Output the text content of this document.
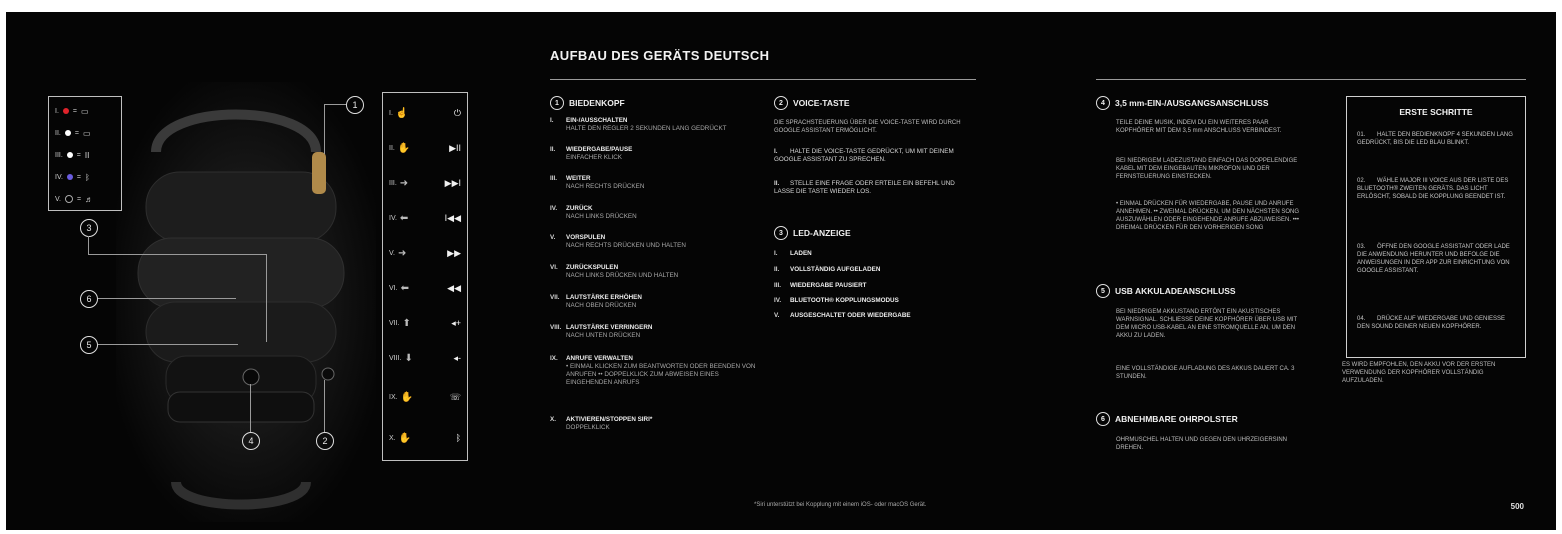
I. = ▭
II. = ▭
III. = II
IV. = ᛒ
V. = ♬
I. ☝	⏻
II. ✋	▶II
III. ➜	▶▶I
IV. ⬅	I◀◀
V. ➜	▶▶
VI. ⬅	◀◀
VII. ⬆	◂+
VIII. ⬇	◂-
IX. ✋	☏
X. ✋	ᛒ
1
3
6
5
4	2
AUFBAU DES GERÄTS DEUTSCH
1	BIEDENKOPF
I. EIN-/AUSSCHALTEN
HALTE DEN REGLER 2 SEKUNDEN LANG GEDRÜCKT
II. WIEDERGABE/PAUSE
EINFACHER KLICK
III. WEITER
NACH RECHTS DRÜCKEN
IV. ZURÜCK
NACH LINKS DRÜCKEN
V. VORSPULEN
NACH RECHTS DRÜCKEN UND HALTEN
VI. ZURÜCKSPULEN
NACH LINKS DRÜCKEN UND HALTEN
VII. LAUTSTÄRKE ERHÖHEN
NACH OBEN DRÜCKEN
VIII. LAUTSTÄRKE VERRINGERN
NACH UNTEN DRÜCKEN
IX. ANRUFE VERWALTEN
• EINMAL KLICKEN ZUM BEANTWORTEN ODER BEENDEN VON ANRUFEN •• DOPPELKLICK ZUM ABWEISEN EINES EINGEHENDEN ANRUFS
X. AKTIVIEREN/STOPPEN SIRI*
DOPPELKLICK
2	VOICE-TASTE
DIE SPRACHSTEUERUNG ÜBER DIE VOICE-TASTE WIRD DURCH GOOGLE ASSISTANT ERMÖGLICHT.
I. HALTE DIE VOICE-TASTE GEDRÜCKT, UM MIT DEINEM GOOGLE ASSISTANT ZU SPRECHEN.
II. STELLE EINE FRAGE ODER ERTEILE EIN BEFEHL UND LASSE DIE TASTE WIEDER LOS.
3	LED-ANZEIGE
I. LADEN
II. VOLLSTÄNDIG AUFGELADEN
III. WIEDERGABE PAUSIERT
IV. BLUETOOTH® KOPPLUNGSMODUS
V. AUSGESCHALTET ODER WIEDERGABE
4	3,5 mm-EIN-/AUSGANGSANSCHLUSS
TEILE DEINE MUSIK, INDEM DU EIN WEITERES PAAR KOPFHÖRER MIT DEM 3,5 mm ANSCHLUSS VERBINDEST.
BEI NIEDRIGEM LADEZUSTAND EINFACH DAS DOPPELENDIGE KABEL MIT DEM EINGEBAUTEN MIKROFON UND DER FERNSTEUERUNG EINSTECKEN.
• EINMAL DRÜCKEN FÜR WIEDERGABE, PAUSE UND ANRUFE ANNEHMEN. •• ZWEIMAL DRÜCKEN, UM DEN NÄCHSTEN SONG AUSZUWÄHLEN ODER EINGEHENDE ANRUFE ABZUWEISEN. ••• DREIMAL DRÜCKEN FÜR DEN VORHERIGEN SONG
5	USB AKKULADEANSCHLUSS
BEI NIEDRIGEM AKKUSTAND ERTÖNT EIN AKUSTISCHES WARNSIGNAL. SCHLIESSE DEINE KOPFHÖRER ÜBER USB MIT DEM MICRO USB-KABEL AN EINE STROMQUELLE AN, UM DEN AKKU ZU LADEN.
EINE VOLLSTÄNDIGE AUFLADUNG DES AKKUS DAUERT CA. 3 STUNDEN.
6	ABNEHMBARE OHRPOLSTER
OHRMUSCHEL HALTEN UND GEGEN DEN UHRZEIGERSINN DREHEN.
ERSTE SCHRITTE
01. HALTE DEN BEDIENKNOPF 4 SEKUNDEN LANG GEDRÜCKT, BIS DIE LED BLAU BLINKT.
02. WÄHLE MAJOR III VOICE AUS DER LISTE DES BLUETOOTH® ZWEITEN GERÄTS. DAS LICHT ERLÖSCHT, SOBALD DIE KOPPLUNG BEENDET IST.
03. ÖFFNE DEN GOOGLE ASSISTANT ODER LADE DIE ANWENDUNG HERUNTER UND BEFOLGE DIE ANWEISUNGEN IN DER APP ZUR EINRICHTUNG VON GOOGLE ASSISTANT.
04. DRÜCKE AUF WIEDERGABE UND GENIESSE DEN SOUND DEINER NEUEN KOPFHÖRER.
ES WIRD EMPFOHLEN, DEN AKKU VOR DER ERSTEN VERWENDUNG DER KOPFHÖRER VOLLSTÄNDIG AUFZULADEN.
*Siri unterstützt bei Kopplung mit einem iOS- oder macOS Gerät.	500
